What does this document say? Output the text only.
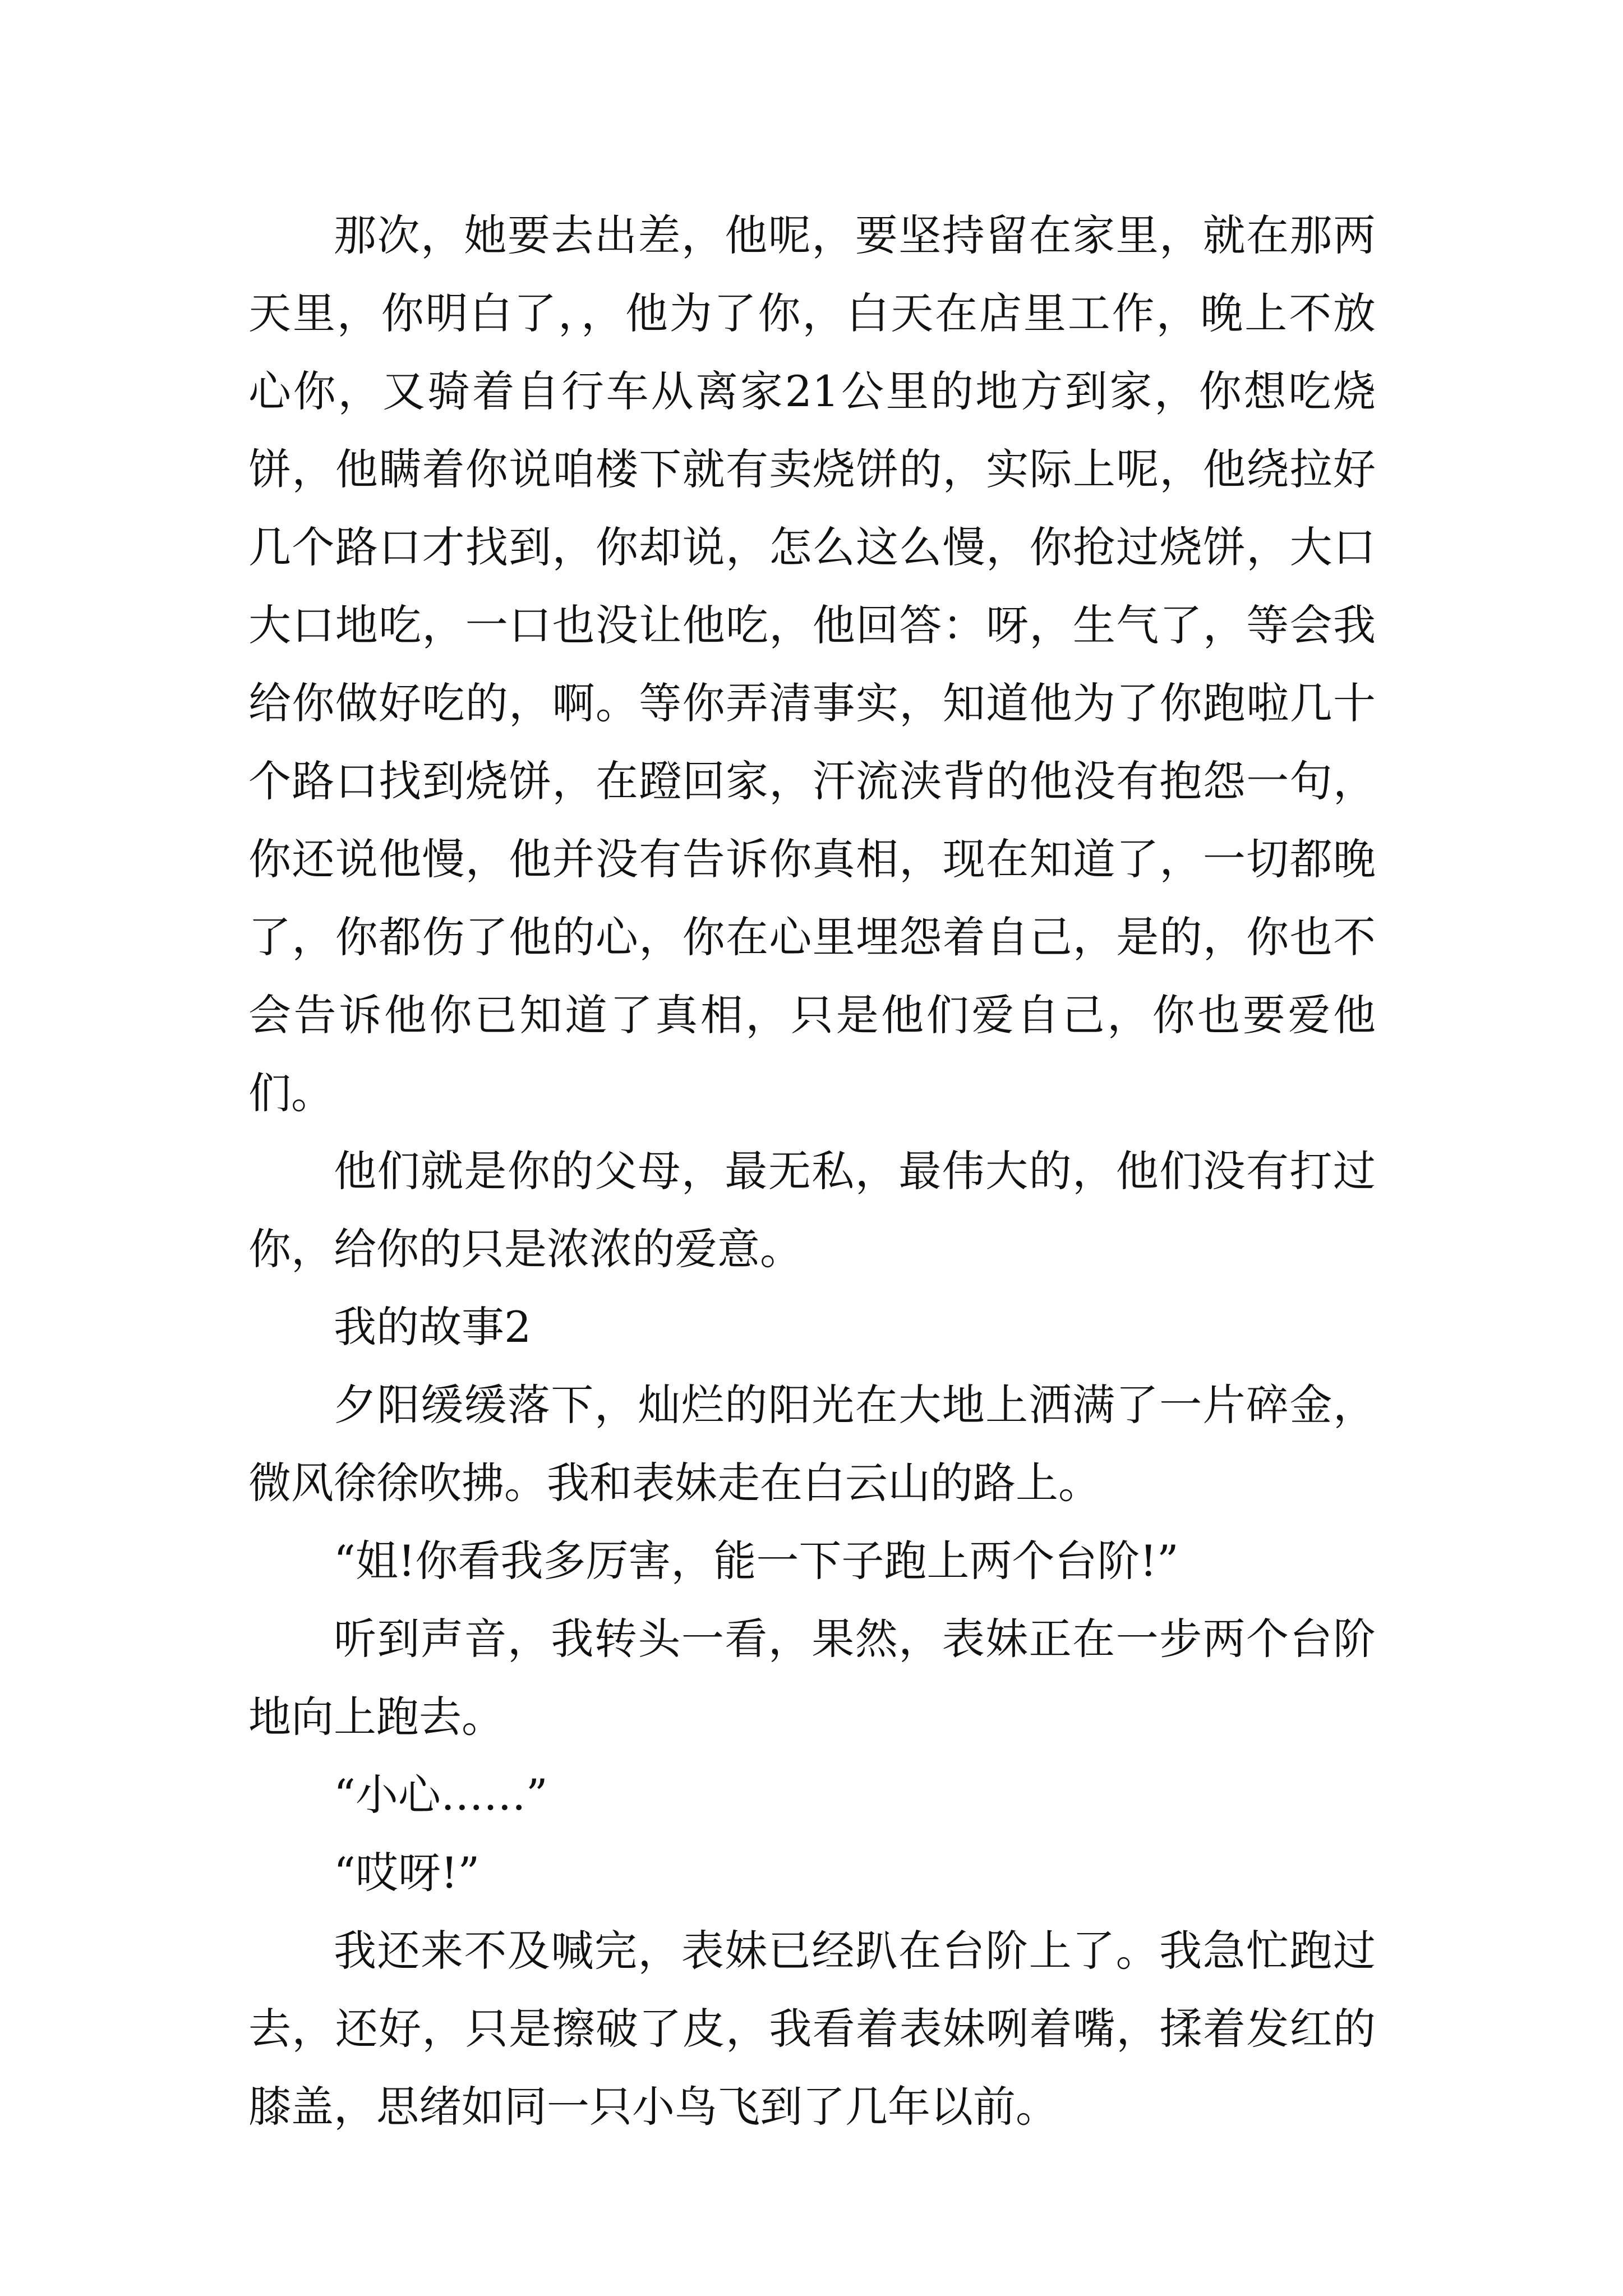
那次，她要去出差，他呢，要坚持留在家里，就在那两天里，你明白了，，他为了你，白天在店里工作，晚上不放心你，又骑着自行车从离家21公里的地方到家，你想吃烧饼，他瞒着你说咱楼下就有卖烧饼的，实际上呢，他绕拉好几个路口才找到，你却说，怎么这么慢，你抢过烧饼，大口大口地吃，一口也没让他吃，他回答：呀，生气了，等会我给你做好吃的，啊。等你弄清事实，知道他为了你跑啦几十个路口找到烧饼，在蹬回家，汗流浃背的他没有抱怨一句，你还说他慢，他并没有告诉你真相，现在知道了，一切都晚了，你都伤了他的心，你在心里埋怨着自己，是的，你也不会告诉他你已知道了真相，只是他们爱自己，你也要爱他们。

他们就是你的父母，最无私，最伟大的，他们没有打过你，给你的只是浓浓的爱意。

我的故事2

夕阳缓缓落下，灿烂的阳光在大地上洒满了一片碎金，微风徐徐吹拂。我和表妹走在白云山的路上。

“姐!你看我多厉害，能一下子跑上两个台阶!”

听到声音，我转头一看，果然，表妹正在一步两个台阶地向上跑去。

“小心……”

“哎呀!”

我还来不及喊完，表妹已经趴在台阶上了。我急忙跑过去，还好，只是擦破了皮，我看着表妹咧着嘴，揉着发红的膝盖，思绪如同一只小鸟飞到了几年以前。
